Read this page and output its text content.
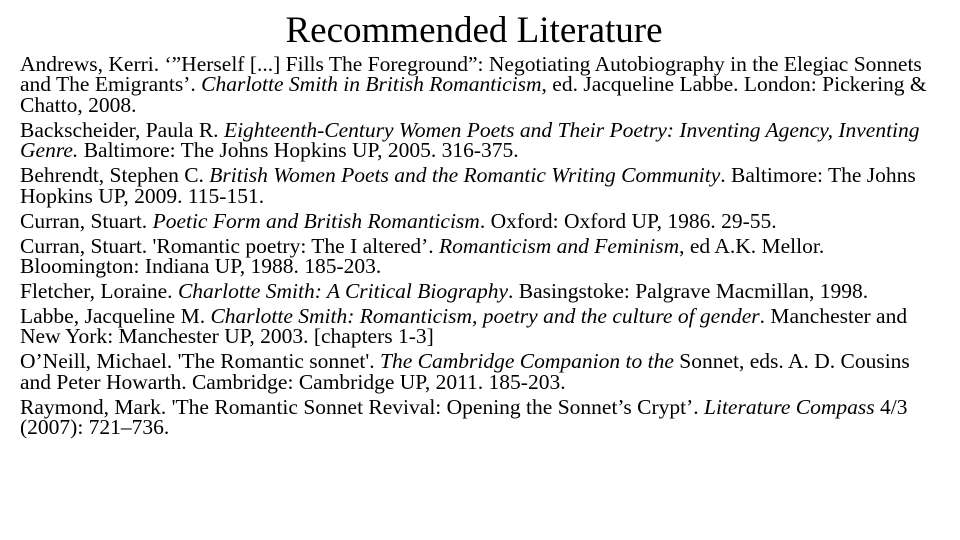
Recommended Literature

Andrews, Kerri. ‘”Herself [...] Fills The Foreground”: Negotiating Autobiography in the Elegiac Sonnets and The Emigrants’. Charlotte Smith in British Romanticism, ed. Jacqueline Labbe. London: Pickering & Chatto, 2008.

Backscheider, Paula R. Eighteenth-Century Women Poets and Their Poetry: Inventing Agency, Inventing Genre. Baltimore: The Johns Hopkins UP, 2005. 316-375.

Behrendt, Stephen C. British Women Poets and the Romantic Writing Community. Baltimore: The Johns Hopkins UP, 2009. 115-151.

Curran, Stuart. Poetic Form and British Romanticism. Oxford: Oxford UP, 1986. 29-55.

Curran, Stuart. 'Romantic poetry: The I altered’. Romanticism and Feminism, ed A.K. Mellor. Bloomington: Indiana UP, 1988. 185-203.

Fletcher, Loraine. Charlotte Smith: A Critical Biography. Basingstoke: Palgrave Macmillan, 1998.

Labbe, Jacqueline M. Charlotte Smith: Romanticism, poetry and the culture of gender. Manchester and New York: Manchester UP, 2003. [chapters 1-3]

O’Neill, Michael. 'The Romantic sonnet'. The Cambridge Companion to the Sonnet, eds. A. D. Cousins and Peter Howarth. Cambridge: Cambridge UP, 2011. 185-203.

Raymond, Mark. 'The Romantic Sonnet Revival: Opening the Sonnet’s Crypt’. Literature Compass 4/3 (2007): 721–736.
